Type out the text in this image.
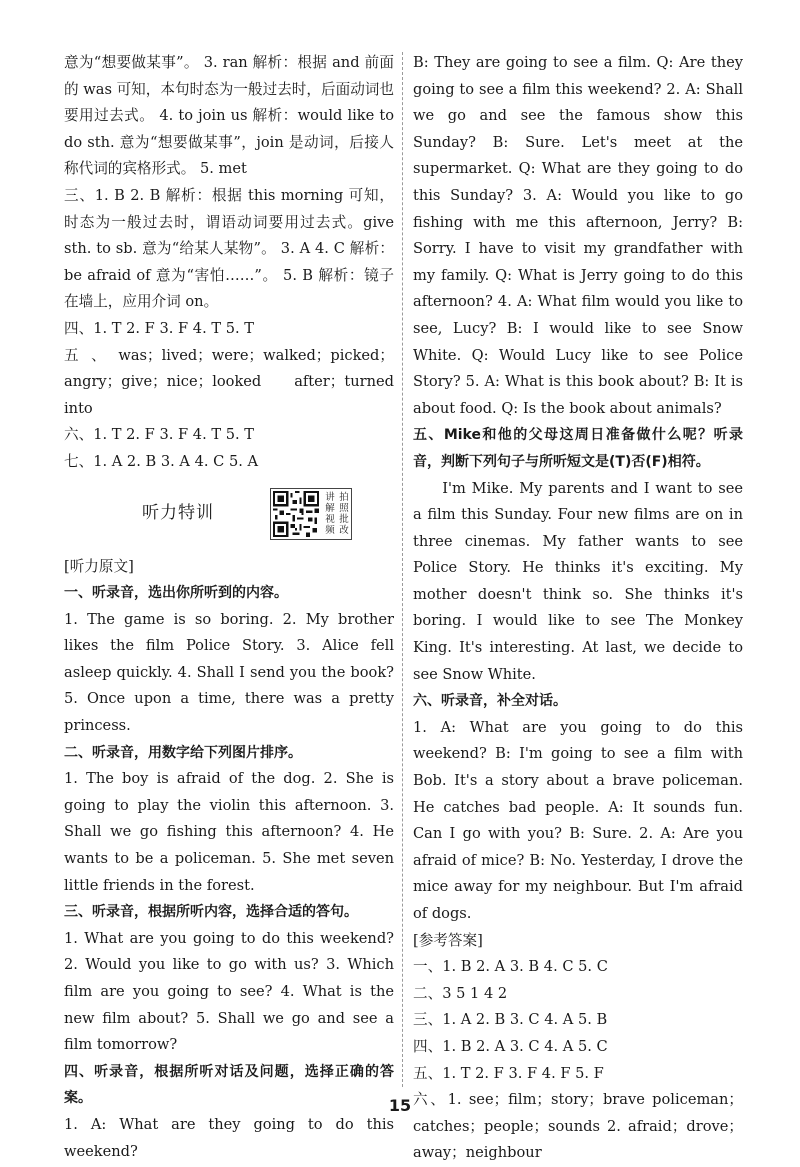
意为“想要做某事”。 3. ran 解析：根据 and 前面的 was 可知，本句时态为一般过去时，后面动词也要用过去式。 4. to join us 解析：would like to do sth. 意为“想要做某事”，join 是动词，后接人称代词的宾格形式。 5. met

三、1. B 2. B 解析：根据 this morning 可知，时态为一般过去时，谓语动词要用过去式。give sth. to sb. 意为“给某人某物”。 3. A 4. C 解析：be afraid of 意为“害怕……”。 5. B 解析：镜子在墙上，应用介词 on。

四、1. T 2. F 3. F 4. T 5. T

五、was；lived；were；walked；picked；angry；give；nice；looked after；turned into

六、1. T 2. F 3. F 4. T 5. T

七、1. A 2. B 3. A 4. C 5. A

听力特训
讲 拍
解 照
视 批
频 改

[听力原文]

一、听录音，选出你所听到的内容。

1. The game is so boring. 2. My brother likes the film Police Story. 3. Alice fell asleep quickly. 4. Shall I send you the book? 5. Once upon a time, there was a pretty princess.

二、听录音，用数字给下列图片排序。

1. The boy is afraid of the dog. 2. She is going to play the violin this afternoon. 3. Shall we go fishing this afternoon? 4. He wants to be a policeman. 5. She met seven little friends in the forest.

三、听录音，根据所听内容，选择合适的答句。

1. What are you going to do this weekend? 2. Would you like to go with us? 3. Which film are you going to see? 4. What is the new film about? 5. Shall we go and see a film tomorrow?

四、听录音，根据所听对话及问题，选择正确的答案。

1. A: What are they going to do this weekend?

B: They are going to see a film. Q: Are they going to see a film this weekend? 2. A: Shall we go and see the famous show this Sunday? B: Sure. Let's meet at the supermarket. Q: What are they going to do this Sunday? 3. A: Would you like to go fishing with me this afternoon, Jerry? B: Sorry. I have to visit my grandfather with my family. Q: What is Jerry going to do this afternoon? 4. A: What film would you like to see, Lucy? B: I would like to see Snow White. Q: Would Lucy like to see Police Story? 5. A: What is this book about? B: It is about food. Q: Is the book about animals?

五、Mike和他的父母这周日准备做什么呢？听录音，判断下列句子与所听短文是(T)否(F)相符。

I'm Mike. My parents and I want to see a film this Sunday. Four new films are on in three cinemas. My father wants to see Police Story. He thinks it's exciting. My mother doesn't think so. She thinks it's boring. I would like to see The Monkey King. It's interesting. At last, we decide to see Snow White.

六、听录音，补全对话。

1. A: What are you going to do this weekend? B: I'm going to see a film with Bob. It's a story about a brave policeman. He catches bad people. A: It sounds fun. Can I go with you? B: Sure. 2. A: Are you afraid of mice? B: No. Yesterday, I drove the mice away for my neighbour. But I'm afraid of dogs.

[参考答案]

一、1. B 2. A 3. B 4. C 5. C

二、3 5 1 4 2

三、1. A 2. B 3. C 4. A 5. B

四、1. B 2. A 3. C 4. A 5. C

五、1. T 2. F 3. F 4. F 5. F

六、1. see；film；story；brave policeman；catches；people；sounds 2. afraid；drove；away；neighbour

15
